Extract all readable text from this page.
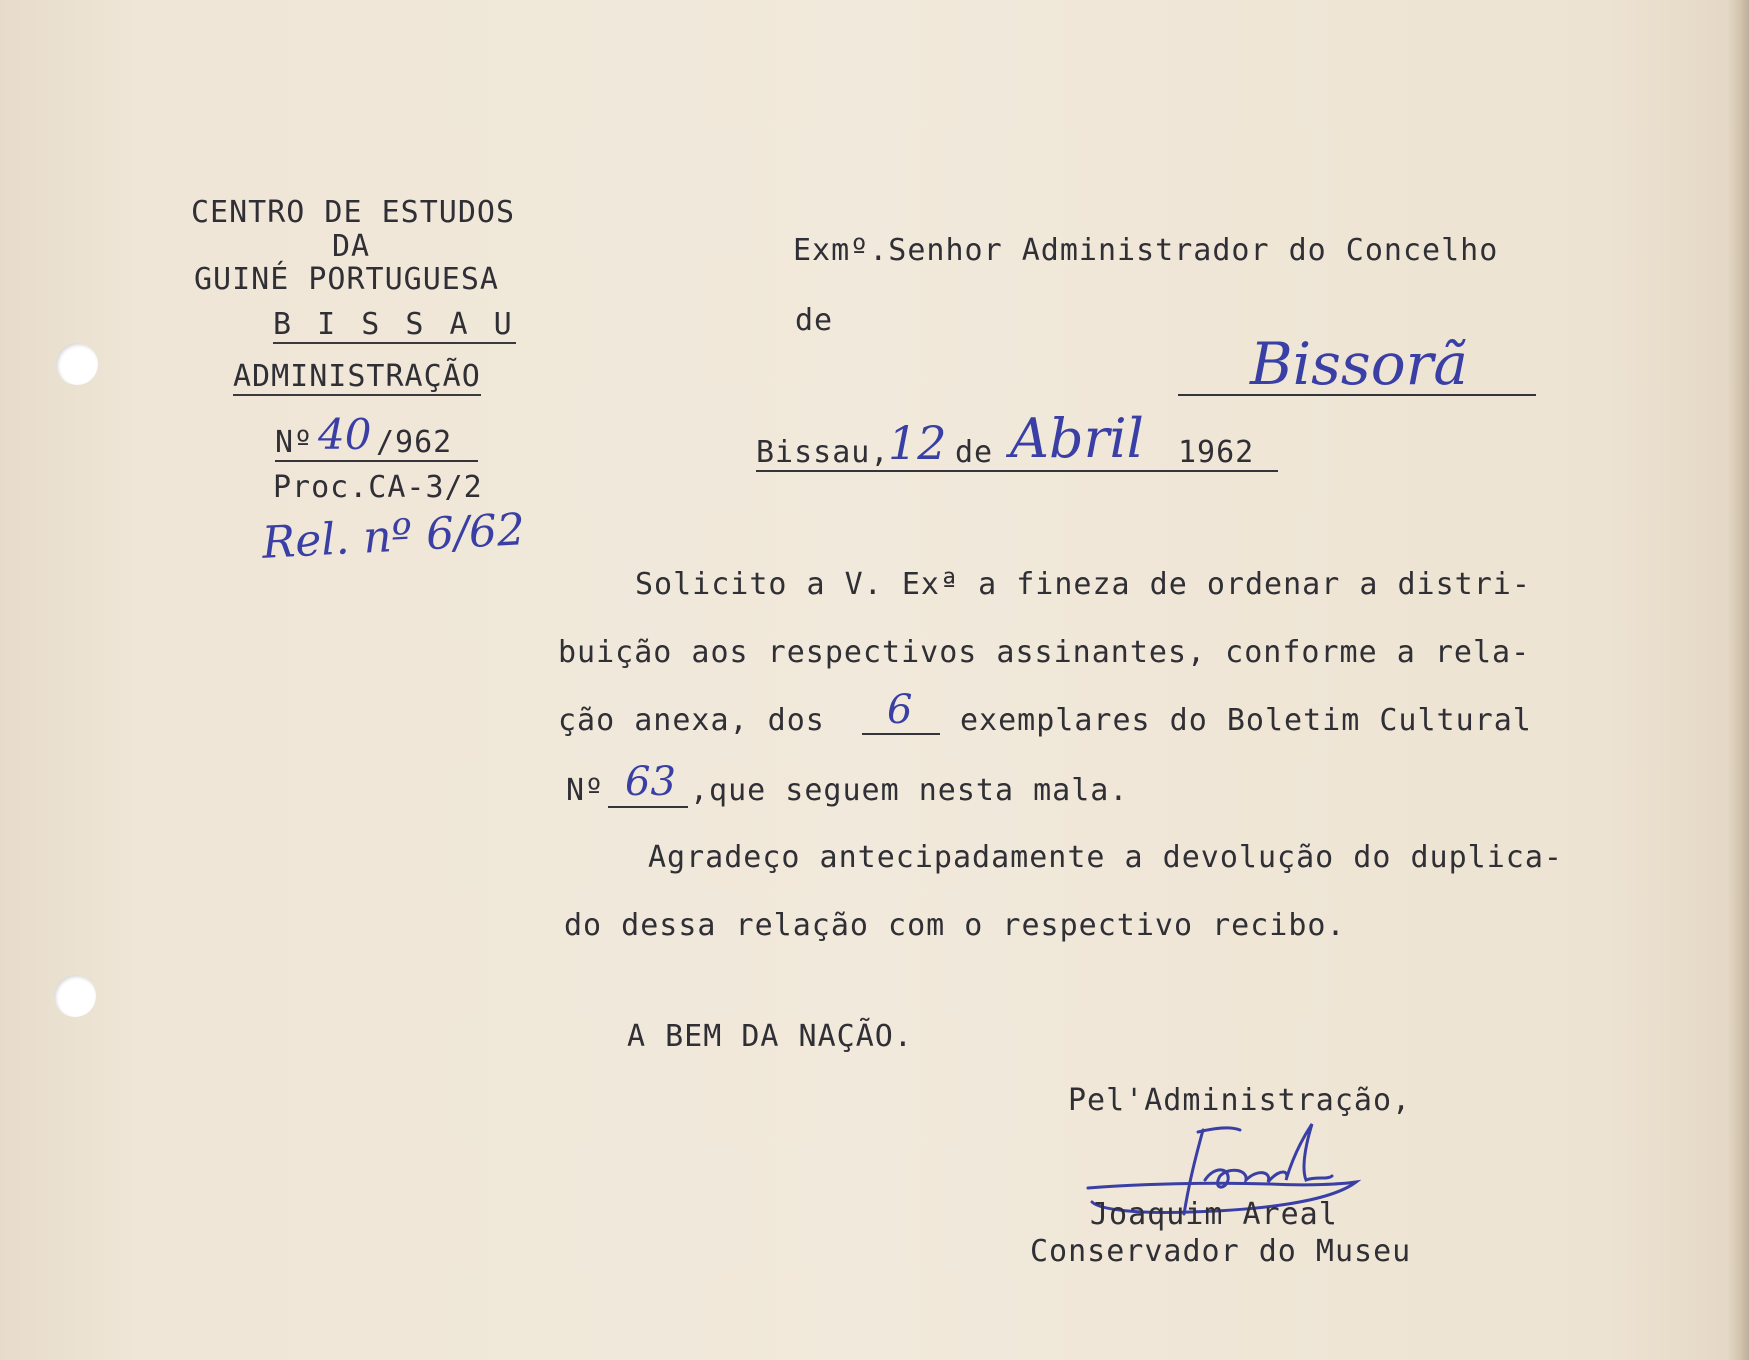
CENTRO DE ESTUDOS
DA
GUINÉ PORTUGUESA
B I S S A U
ADMINISTRAÇÃO
Nº 40 /962
Proc.CA-3/2
Rel. nº 6/62
Exmº.Senhor Administrador do Concelho
de
Bissorã
Bissau,
12 de Abril 1962
Solicito a V. Exª a fineza de ordenar a distri-
buição aos respectivos assinantes, conforme a rela-
ção anexa, dos 6 exemplares do Boletim Cultural
Nº 63 ,que seguem nesta mala.
Agradeço antecipadamente a devolução do duplica-
do dessa relação com o respectivo recibo.
A BEM DA NAÇÃO.
Pel'Administração,
Joaquim Areal
Conservador do Museu
